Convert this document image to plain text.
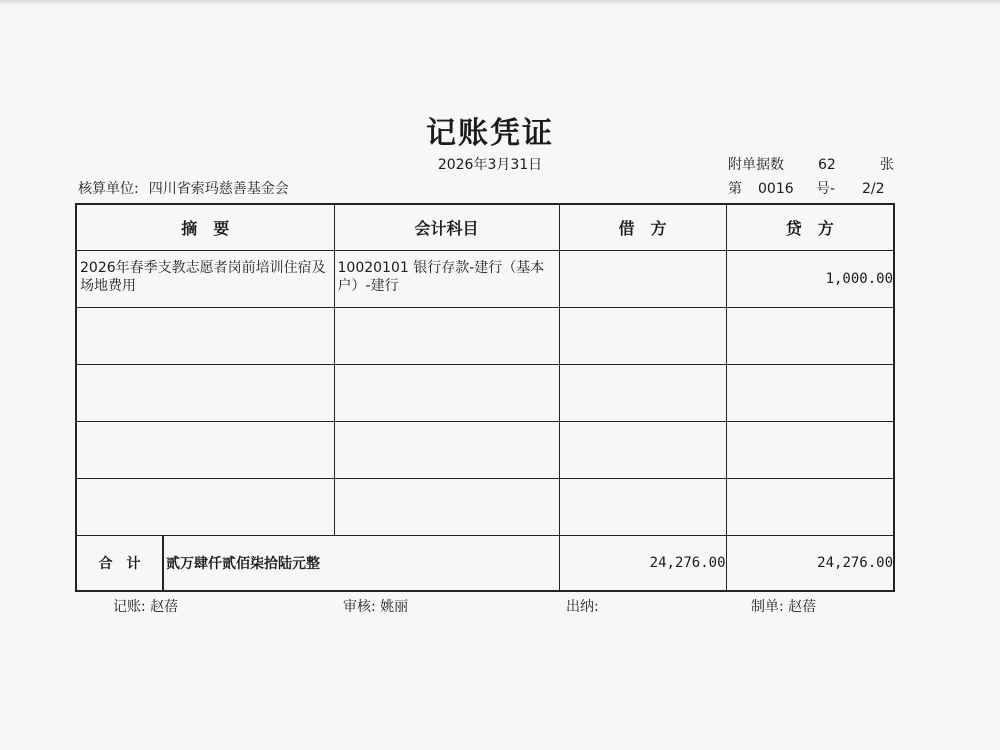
记账凭证
2026年3月31日	附单据数 62	张
核算单位: 四川省索玛慈善基金会	第 0016 号- 2/2
摘　要		会计科目	借　方	贷　方

2026年春季支教志愿者岗前培训住宿及场地费用		10020101 银行存款-建行（基本户）-建行		1,000.00

合　计	贰万肆仟贰佰柒拾陆元整		24,276.00	24,276.00
记账: 赵蓓	审核: 姚丽	出纳:	制单: 赵蓓
